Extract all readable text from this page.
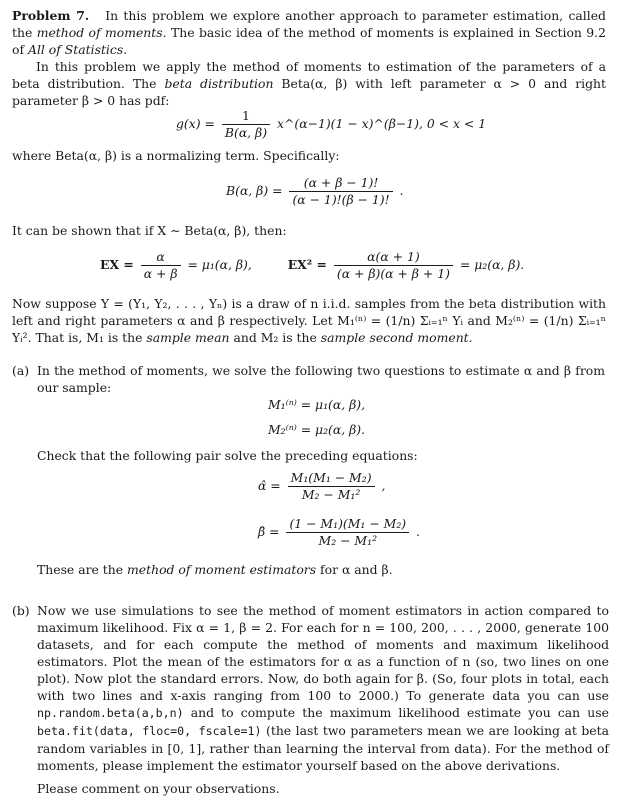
Problem 7. In this problem we explore another approach to parameter estimation, called the method of moments. The basic idea of the method of moments is explained in Section 9.2 of All of Statistics.
In this problem we apply the method of moments to estimation of the parameters of a beta distribution. The beta distribution Beta(α, β) with left parameter α > 0 and right parameter β > 0 has pdf:
$g(x) = \frac{1}{B(\alpha, \beta)}$ x^(α−1)(1 − x)^(β−1), 0 < x < 1
where Beta(α, β) is a normalizing term. Specifically:
B(α, $\beta) = \frac{(\alpha + \beta - 1)!}{(\alpha - 1)!(\beta - 1)!}$ .
It can be shown that if X ∼ Beta(α, β), then:
EX = $\frac{\alpha}{\alpha + \beta} = \mu_1(\alpha$, β),	$EX^2 = \frac{\alpha(\alpha + 1)}{(\alpha + \beta)(\alpha + \beta + 1)} = \mu_2(\alpha$, β).
Now suppose Y = (Y₁, Y₂, . . . , Yₙ) is a draw of n i.i.d. samples from the beta distribution with left and right parameters α and β respectively. Let M₁⁽ⁿ⁾ = (1/n) Σᵢ₌₁ⁿ Yᵢ and M₂⁽ⁿ⁾ = (1/n) Σᵢ₌₁ⁿ Yᵢ². That is, M₁ is the sample mean and M₂ is the sample second moment.
(a) In the method of moments, we solve the following two questions to estimate α and β from our sample:
M₁⁽ⁿ⁾ = μ₁(α, β),
M₂⁽ⁿ⁾ = μ₂(α, β).
Check that the following pair solve the preceding equations:
α̂ = $\frac{\text{M₁(M₁ − M₂)}}{\text{M₂ − M₁²}}$ ,
β̂ = $\frac{\text{(1 − M₁)(M₁ − M₂)}}{\text{M₂ − M₁²}}$ .
These are the method of moment estimators for α and β.
(b) Now we use simulations to see the method of moment estimators in action compared to maximum likelihood. Fix α = 1, β = 2. For each for n = 100, 200, . . . , 2000, generate 100 datasets, and for each compute the method of moments and maximum likelihood estimators. Plot the mean of the estimators for α as a function of n (so, two lines on one plot). Now plot the standard errors. Now, do both again for β. (So, four plots in total, each with two lines and x-axis ranging from 100 to 2000.) To generate data you can use np.random.beta(a,b,n) and to compute the maximum likelihood estimate you can use beta.fit(data, floc=0, fscale=1) (the last two parameters mean we are looking at beta random variables in [0, 1], rather than learning the interval from data). For the method of moments, please implement the estimator yourself based on the above derivations.
Please comment on your observations.
